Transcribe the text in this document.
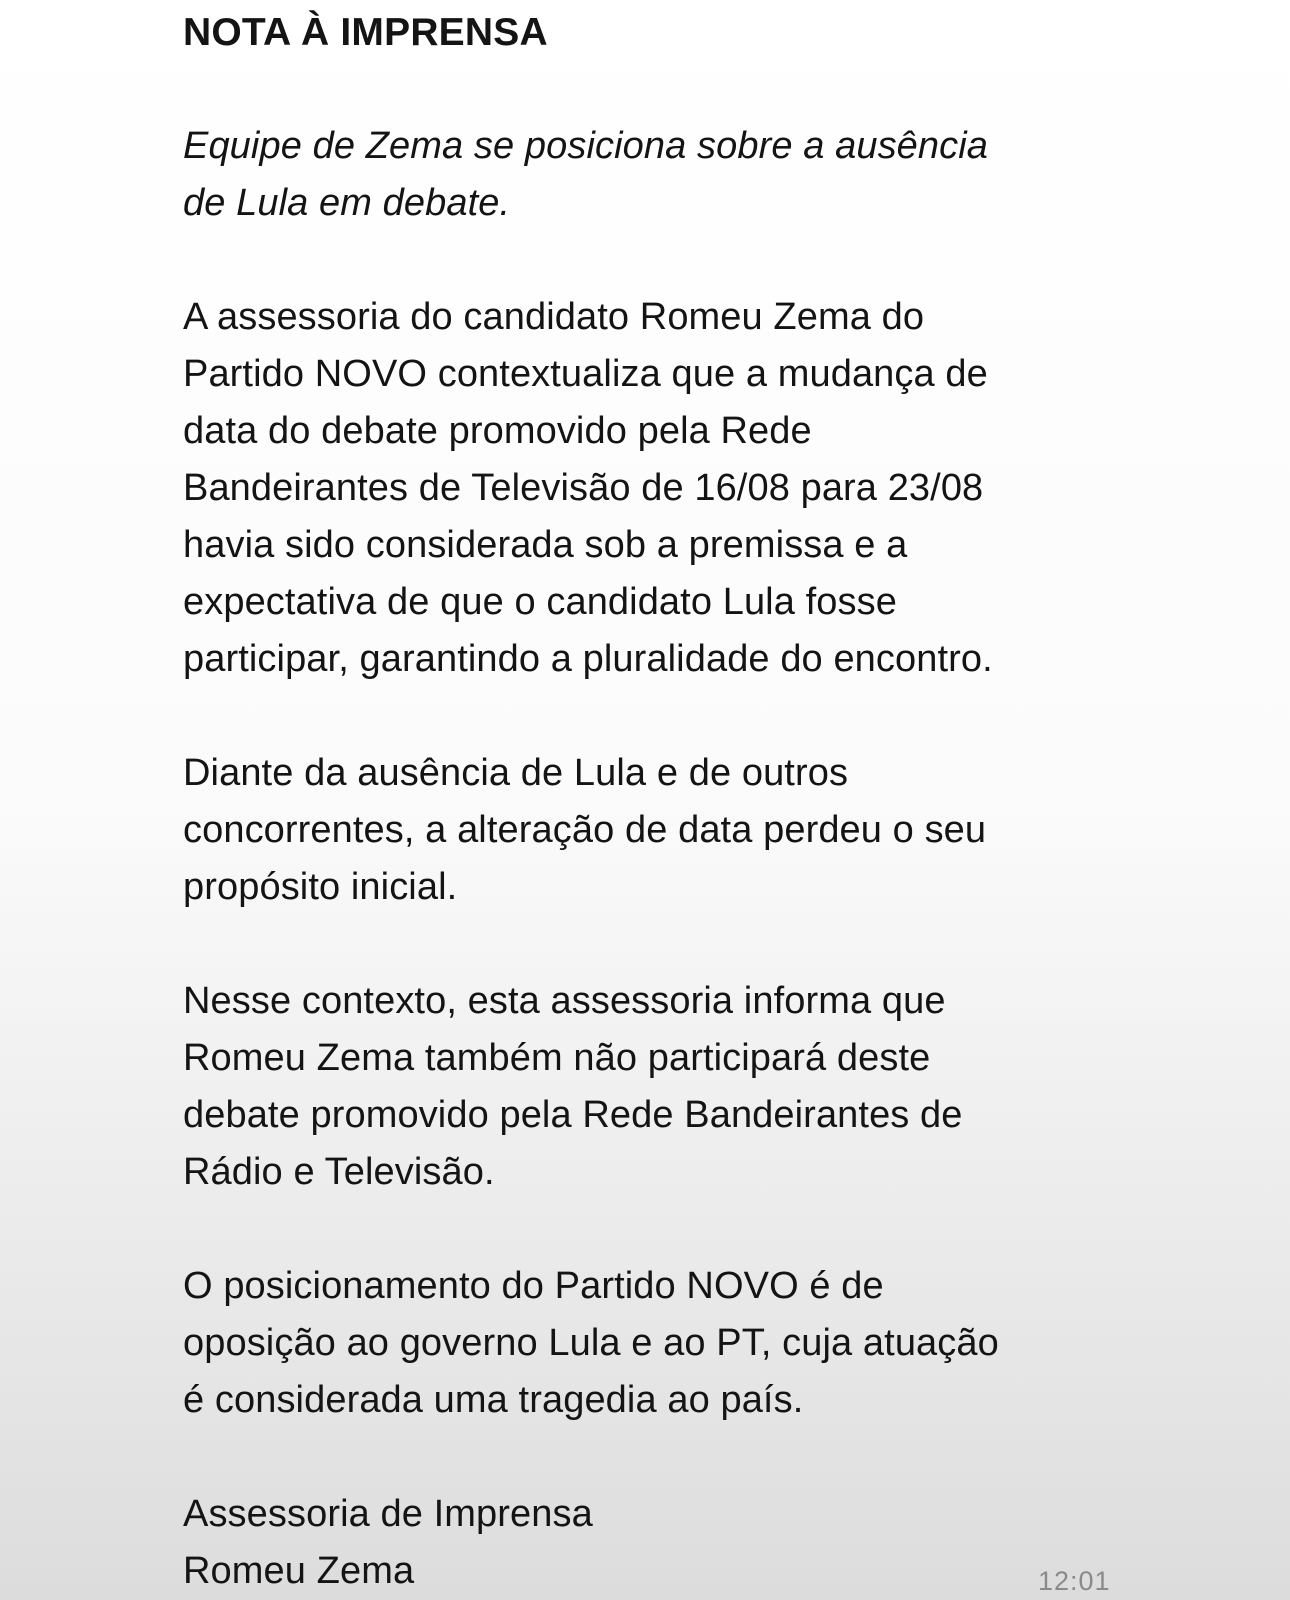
NOTA À IMPRENSA

Equipe de Zema se posiciona sobre a ausência
de Lula em debate.

A assessoria do candidato Romeu Zema do
Partido NOVO contextualiza que a mudança de
data do debate promovido pela Rede
Bandeirantes de Televisão de 16/08 para 23/08
havia sido considerada sob a premissa e a
expectativa de que o candidato Lula fosse
participar, garantindo a pluralidade do encontro.

Diante da ausência de Lula e de outros
concorrentes, a alteração de data perdeu o seu
propósito inicial.

Nesse contexto, esta assessoria informa que
Romeu Zema também não participará deste
debate promovido pela Rede Bandeirantes de
Rádio e Televisão.

O posicionamento do Partido NOVO é de
oposição ao governo Lula e ao PT, cuja atuação
é considerada uma tragedia ao país.

Assessoria de Imprensa
Romeu Zema	12:01
